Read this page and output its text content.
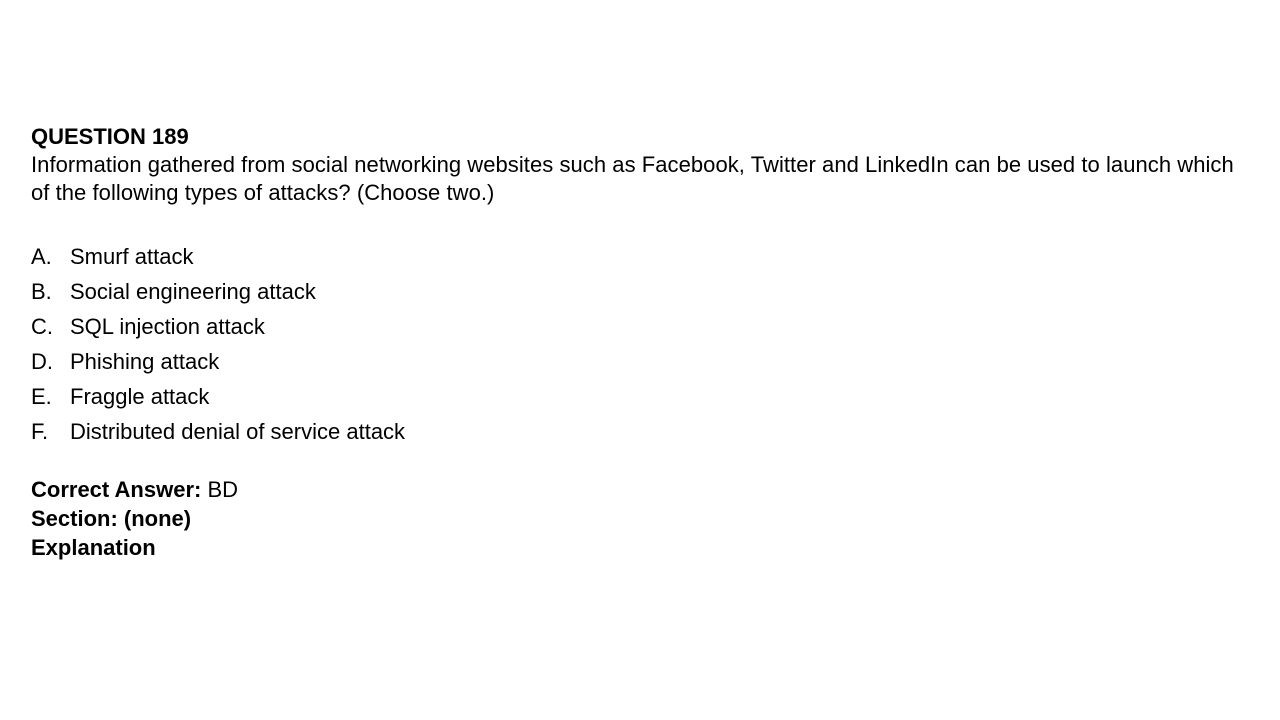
QUESTION 189

Information gathered from social networking websites such as Facebook, Twitter and LinkedIn can be used to launch which of the following types of attacks? (Choose two.)

A. Smurf attack
B. Social engineering attack
C. SQL injection attack
D. Phishing attack
E. Fraggle attack
F. Distributed denial of service attack

Correct Answer: BD

Section: (none)

Explanation
